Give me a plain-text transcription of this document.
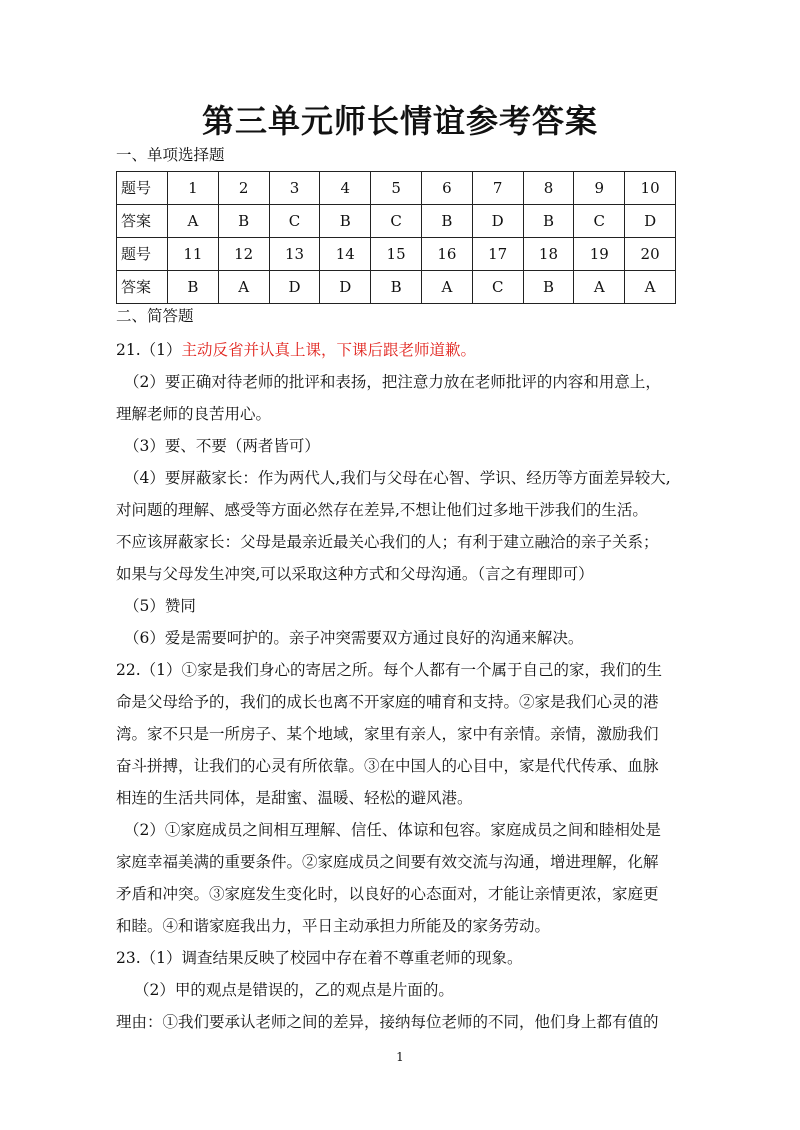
第三单元师长情谊参考答案
一、单项选择题
题号	1	2	3	4	5	6	7	8	9	10
答案	A	B	C	B	C	B	D	B	C	D
题号	11	12	13	14	15	16	17	18	19	20
答案	B	A	D	D	B	A	C	B	A	A
二、简答题
21.（1）主动反省并认真上课，下课后跟老师道歉。
（2）要正确对待老师的批评和表扬，把注意力放在老师批评的内容和用意上，
理解老师的良苦用心。
（3）要、不要（两者皆可）
（4）要屏蔽家长：作为两代人,我们与父母在心智、学识、经历等方面差异较大,
对问题的理解、感受等方面必然存在差异,不想让他们过多地干涉我们的生活。
不应该屏蔽家长：父母是最亲近最关心我们的人；有利于建立融洽的亲子关系；
如果与父母发生冲突,可以采取这种方式和父母沟通。（言之有理即可）
（5）赞同
（6）爱是需要呵护的。亲子冲突需要双方通过良好的沟通来解决。
22.（1）①家是我们身心的寄居之所。每个人都有一个属于自己的家，我们的生
命是父母给予的，我们的成长也离不开家庭的哺育和支持。②家是我们心灵的港
湾。家不只是一所房子、某个地域，家里有亲人，家中有亲情。亲情，激励我们
奋斗拼搏，让我们的心灵有所依靠。③在中国人的心目中，家是代代传承、血脉
相连的生活共同体，是甜蜜、温暖、轻松的避风港。
（2）①家庭成员之间相互理解、信任、体谅和包容。家庭成员之间和睦相处是
家庭幸福美满的重要条件。②家庭成员之间要有效交流与沟通，增进理解，化解
矛盾和冲突。③家庭发生变化时，以良好的心态面对，才能让亲情更浓，家庭更
和睦。④和谐家庭我出力，平日主动承担力所能及的家务劳动。
23.（1）调查结果反映了校园中存在着不尊重老师的现象。
（2）甲的观点是错误的，乙的观点是片面的。
理由：①我们要承认老师之间的差异，接纳每位老师的不同，他们身上都有值的
1
